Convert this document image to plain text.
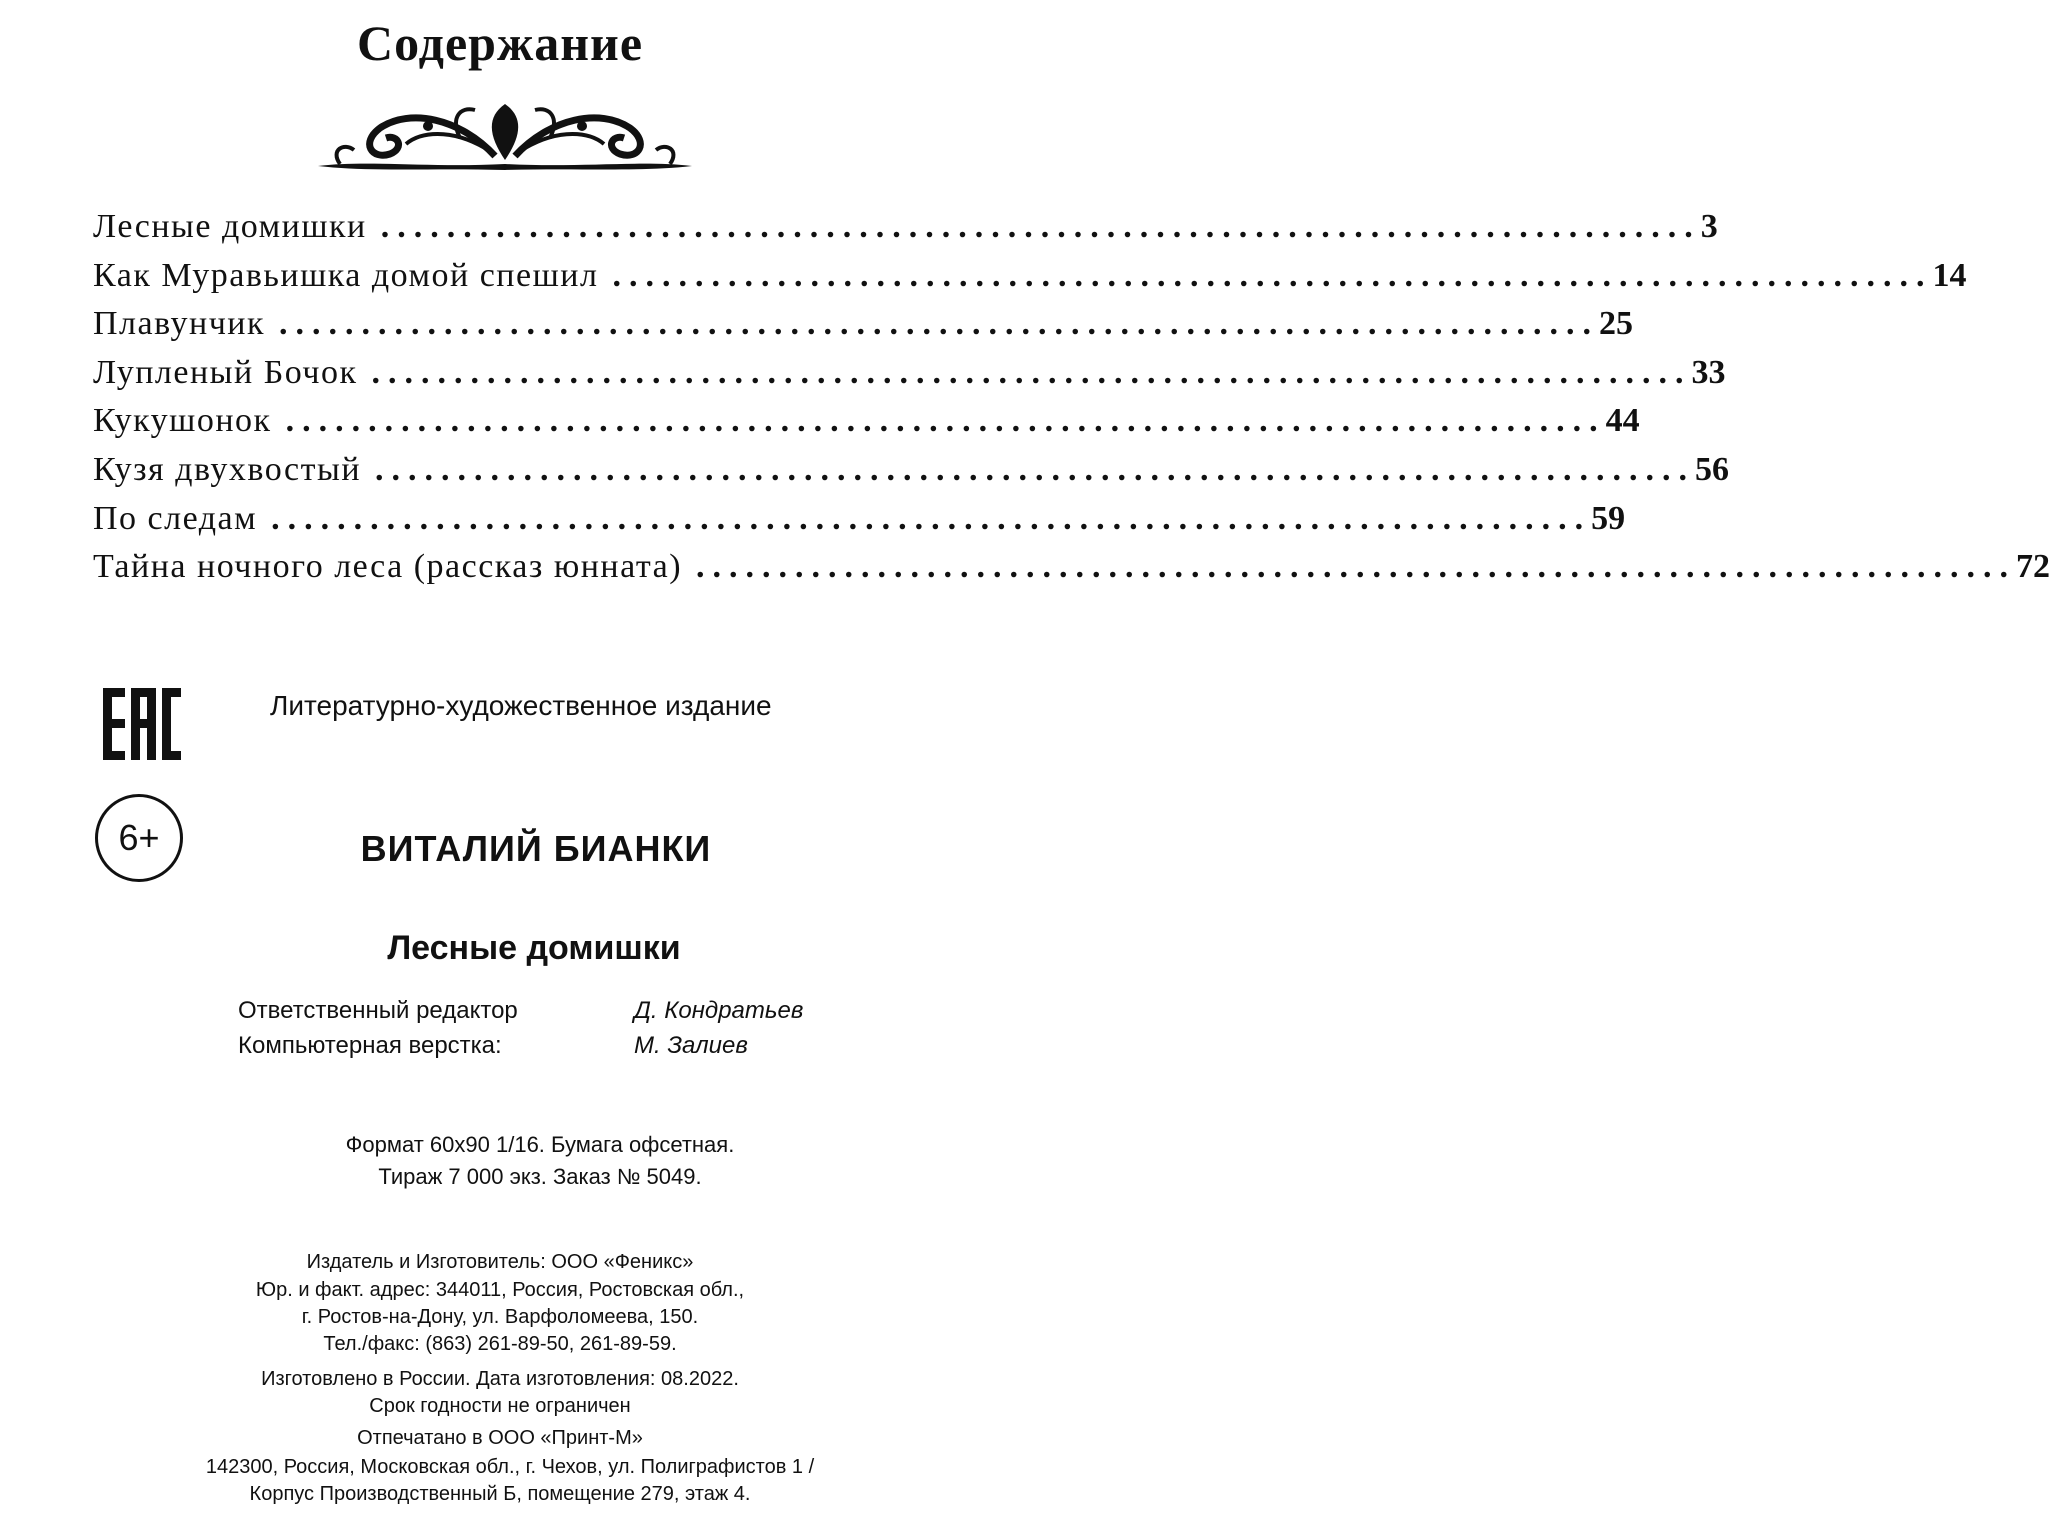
Содержание
Лесные домишки ................................................................................ 3
Как Муравьишка домой спешил ................................................................................ 14
Плавунчик ................................................................................ 25
Лупленый Бочок ................................................................................ 33
Кукушонок ................................................................................ 44
Кузя двухвостый ................................................................................ 56
По следам ................................................................................ 59
Тайна ночного леса (рассказ юнната) ................................................................................ 72
Литературно-художественное издание
6+	ВИТАЛИЙ БИАНКИ
Лесные домишки
Ответственный редактор	Д. Кондратьев
Компьютерная верстка:	М. Залиев
Формат 60х90 1/16. Бумага офсетная.
Тираж 7 000 экз. Заказ № 5049.
Издатель и Изготовитель: ООО «Феникс»
Юр. и факт. адрес: 344011, Россия, Ростовская обл.,
г. Ростов-на-Дону, ул. Варфоломеева, 150.
Тел./факс: (863) 261-89-50, 261-89-59.
Изготовлено в России. Дата изготовления: 08.2022.
Срок годности не ограничен
Отпечатано в ООО «Принт-М»
142300, Россия, Московская обл., г. Чехов, ул. Полиграфистов 1 /
Корпус Производственный Б, помещение 279, этаж 4.
